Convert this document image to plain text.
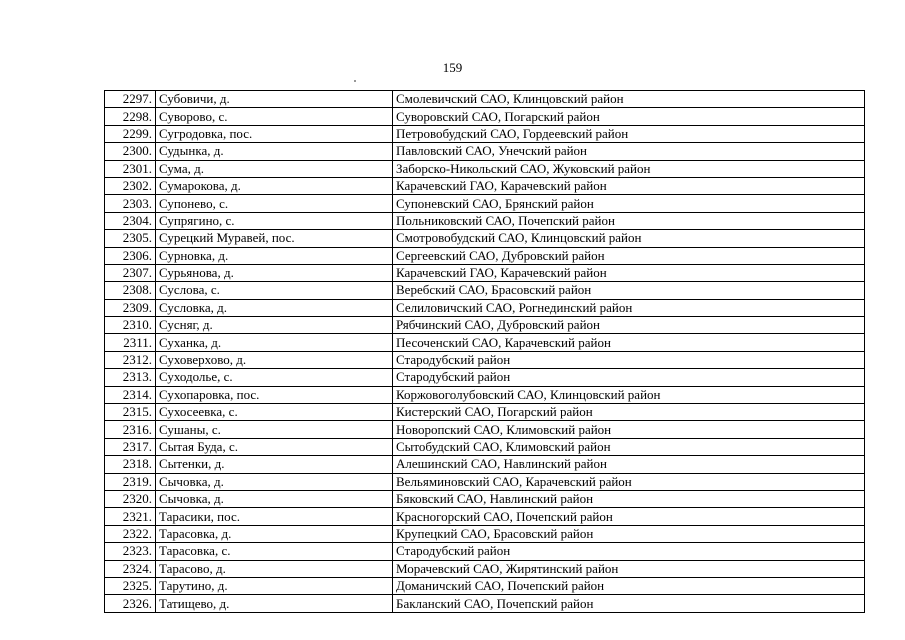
159
2297.	Субовичи, д.	Смолевичский САО, Клинцовский район
2298.	Суворово, с.	Суворовский САО, Погарский район
2299.	Сугродовка, пос.	Петровобудский САО, Гордеевский район
2300.	Судынка, д.	Павловский САО, Унечский район
2301.	Сума, д.	Заборско-Никольский САО, Жуковский район
2302.	Сумарокова, д.	Карачевский ГАО, Карачевский район
2303.	Супонево, с.	Супоневский САО, Брянский район
2304.	Супрягино, с.	Польниковский САО, Почепский район
2305.	Сурецкий Муравей, пос.	Смотровобудский САО, Клинцовский район
2306.	Сурновка, д.	Сергеевский САО, Дубровский район
2307.	Сурьянова, д.	Карачевский ГАО, Карачевский район
2308.	Суслова, с.	Веребский САО, Брасовский район
2309.	Сусловка, д.	Селиловичский САО, Рогнединский район
2310.	Сусняг, д.	Рябчинский САО, Дубровский район
2311.	Суханка, д.	Песоченский САО, Карачевский район
2312.	Суховерхово, д.	Стародубский район
2313.	Суходолье, с.	Стародубский район
2314.	Сухопаровка, пос.	Коржовоголубовский САО, Клинцовский район
2315.	Сухосеевка, с.	Кистерский САО, Погарский район
2316.	Сушаны, с.	Новоропский САО, Климовский район
2317.	Сытая Буда, с.	Сытобудский САО, Климовский район
2318.	Сытенки, д.	Алешинский САО, Навлинский район
2319.	Сычовка, д.	Вельяминовский САО, Карачевский район
2320.	Сычовка, д.	Бяковский САО, Навлинский район
2321.	Тарасики, пос.	Красногорский САО, Почепский район
2322.	Тарасовка, д.	Крупецкий САО, Брасовский район
2323.	Тарасовка, с.	Стародубский район
2324.	Тарасово, д.	Морачевский САО, Жирятинский район
2325.	Тарутино, д.	Доманичский САО, Почепский район
2326.	Татищево, д.	Бакланский САО, Почепский район
